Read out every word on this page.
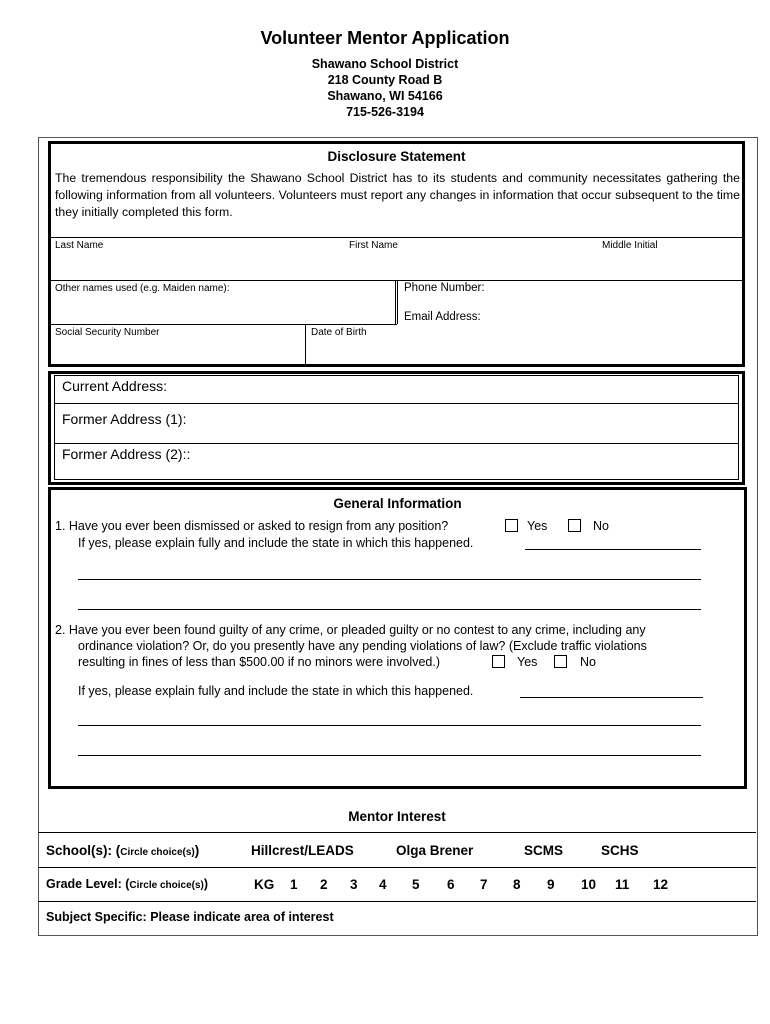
Volunteer Mentor Application
Shawano School District
218 County Road B
Shawano, WI 54166
715-526-3194
Disclosure Statement
The tremendous responsibility the Shawano School District has to its students and community necessitates gathering the following information from all volunteers. Volunteers must report any changes in information that occur subsequent to the time they initially completed this form.
Last Name	First Name	Middle Initial
Other names used (e.g. Maiden name):	Phone Number:
Email Address:
Social Security Number	Date of Birth
Current Address:
Former Address (1):
Former Address (2)::
General Information
1. Have you ever been dismissed or asked to resign from any position?	Yes	No
If yes, please explain fully and include the state in which this happened.
2. Have you ever been found guilty of any crime, or pleaded guilty or no contest to any crime, including any
ordinance violation? Or, do you presently have any pending violations of law? (Exclude traffic violations
resulting in fines of less than $500.00 if no minors were involved.)	Yes	No
If yes, please explain fully and include the state in which this happened.
Mentor Interest
School(s): (Circle choice(s))	Hillcrest/LEADS	Olga Brener	SCMS	SCHS
Grade Level: (Circle choice(s))	KG 1 2 3 4 5 6 7 8 9 10 11 12
Subject Specific: Please indicate area of interest
